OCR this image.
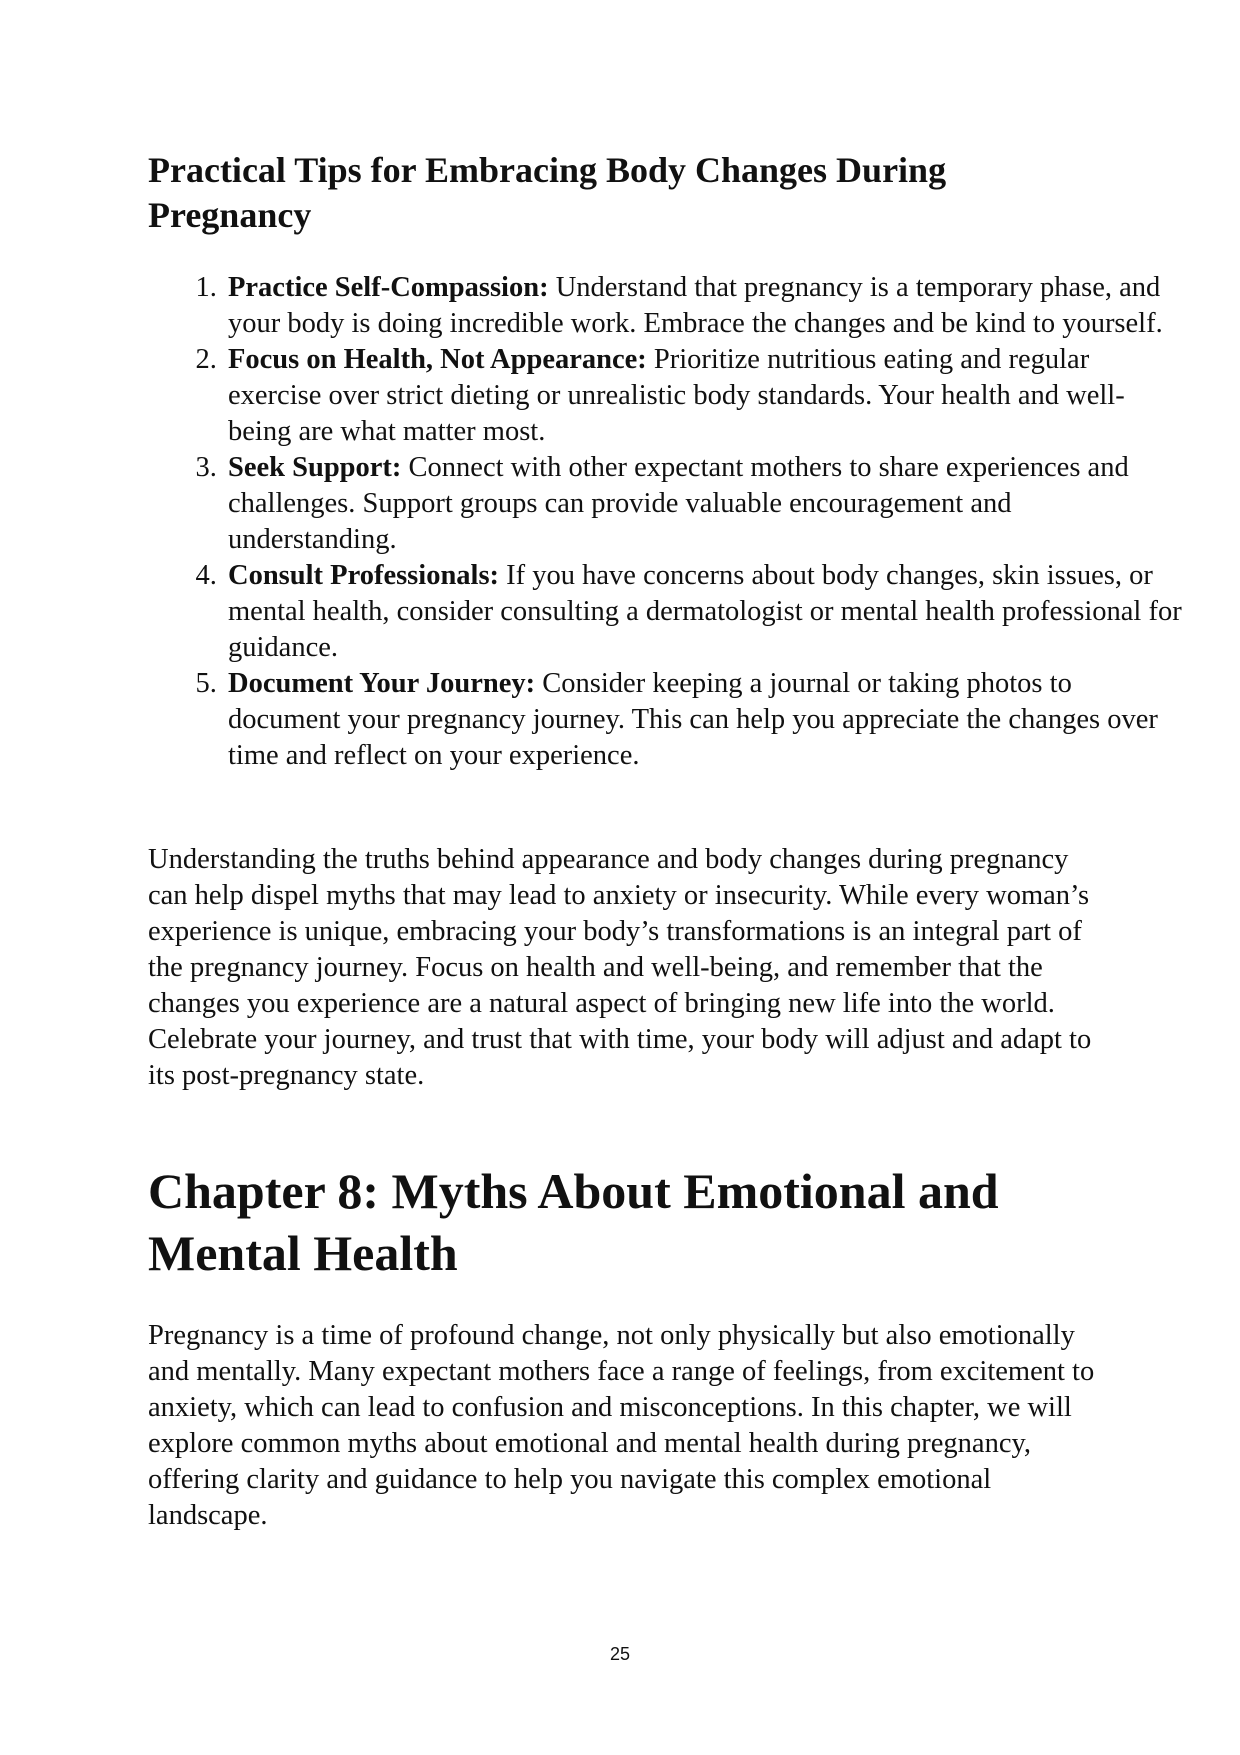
Practical Tips for Embracing Body Changes During Pregnancy
1. Practice Self-Compassion: Understand that pregnancy is a temporary phase, and your body is doing incredible work. Embrace the changes and be kind to yourself.
2. Focus on Health, Not Appearance: Prioritize nutritious eating and regular exercise over strict dieting or unrealistic body standards. Your health and well-being are what matter most.
3. Seek Support: Connect with other expectant mothers to share experiences and challenges. Support groups can provide valuable encouragement and understanding.
4. Consult Professionals: If you have concerns about body changes, skin issues, or mental health, consider consulting a dermatologist or mental health professional for guidance.
5. Document Your Journey: Consider keeping a journal or taking photos to document your pregnancy journey. This can help you appreciate the changes over time and reflect on your experience.

Understanding the truths behind appearance and body changes during pregnancy can help dispel myths that may lead to anxiety or insecurity. While every woman’s experience is unique, embracing your body’s transformations is an integral part of the pregnancy journey. Focus on health and well-being, and remember that the changes you experience are a natural aspect of bringing new life into the world. Celebrate your journey, and trust that with time, your body will adjust and adapt to its post-pregnancy state.

Chapter 8: Myths About Emotional and Mental Health

Pregnancy is a time of profound change, not only physically but also emotionally and mentally. Many expectant mothers face a range of feelings, from excitement to anxiety, which can lead to confusion and misconceptions. In this chapter, we will explore common myths about emotional and mental health during pregnancy, offering clarity and guidance to help you navigate this complex emotional landscape.

25
